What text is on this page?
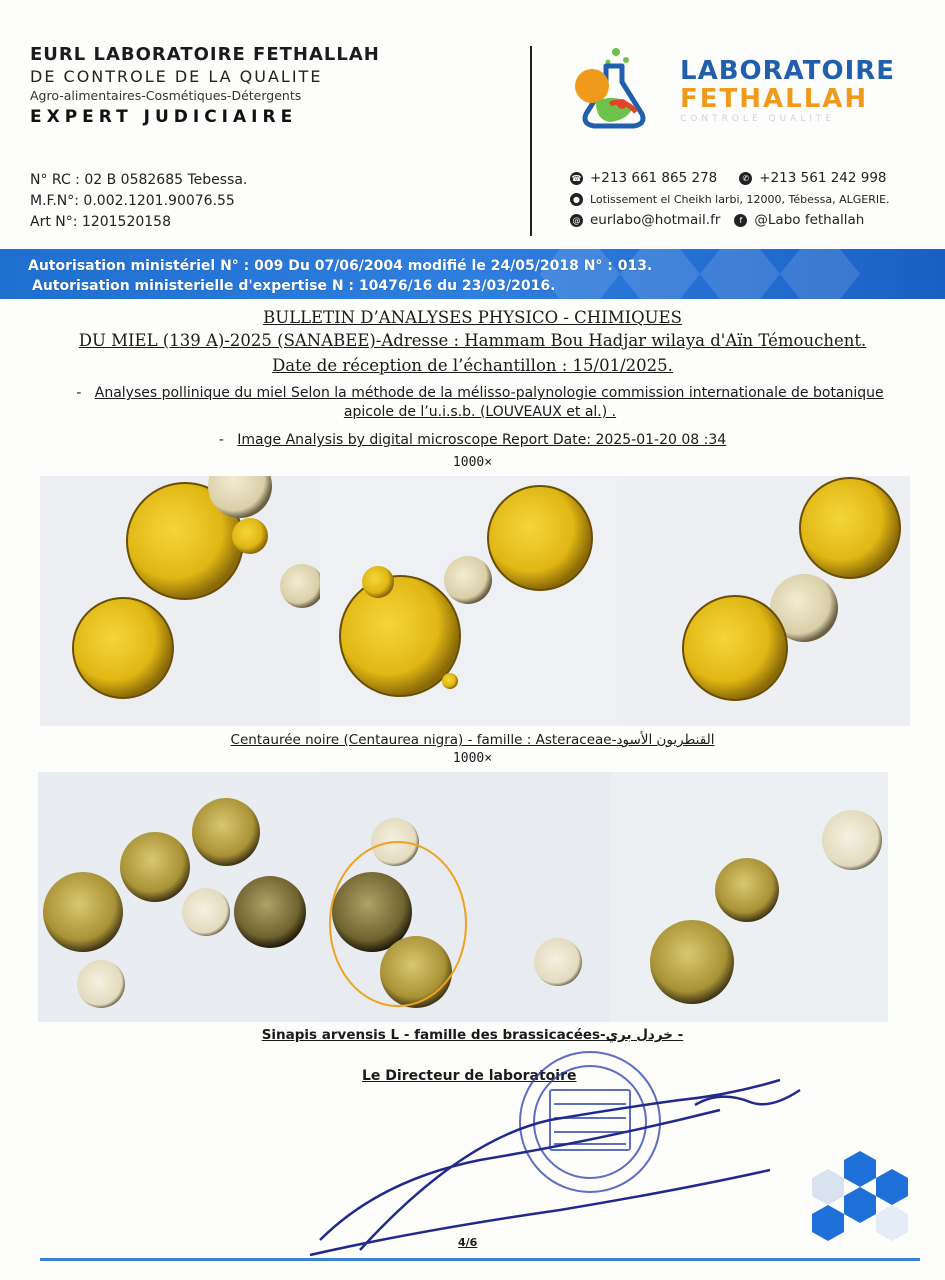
EURL LABORATOIRE FETHALLAH
DE CONTROLE DE LA QUALITE
Agro-alimentaires-Cosmétiques-Détergents
EXPERT JUDICIAIRE
N° RC : 02 B 0582685 Tebessa.
M.F.N°: 0.002.1201.90076.55
Art N°: 1201520158
LABORATOIRE
FETHALLAH
CONTROLE QUALITE
☎ +213 661 865 278	✆ +213 561 242 998
● Lotissement el Cheikh larbi, 12000, Tébessa, ALGERIE.
@ eurlabo@hotmail.fr	f @Labo fethallah
Autorisation ministériel N° : 009 Du 07/06/2004 modifié le 24/05/2018 N° : 013.
Autorisation ministerielle d'expertise N : 10476/16 du 23/03/2016.
BULLETIN D’ANALYSES PHYSICO - CHIMIQUES
DU MIEL (139 A)-2025 (SANABEE)-Adresse : Hammam Bou Hadjar wilaya d'Aïn Témouchent.
Date de réception de l’échantillon : 15/01/2025.
- Analyses pollinique du miel Selon la méthode de la mélisso-palynologie commission internationale de botanique apicole de l’u.i.s.b. (LOUVEAUX et al.) .
- Image Analysis by digital microscope Report Date: 2025-01-20 08 :34
1000×
Centaurée noire (Centaurea nigra) - famille : Asteraceae-القنطريون الأسود
1000×
Sinapis arvensis L - famille des brassicacées-خردل بري -
Le Directeur de laboratoire
4/6
